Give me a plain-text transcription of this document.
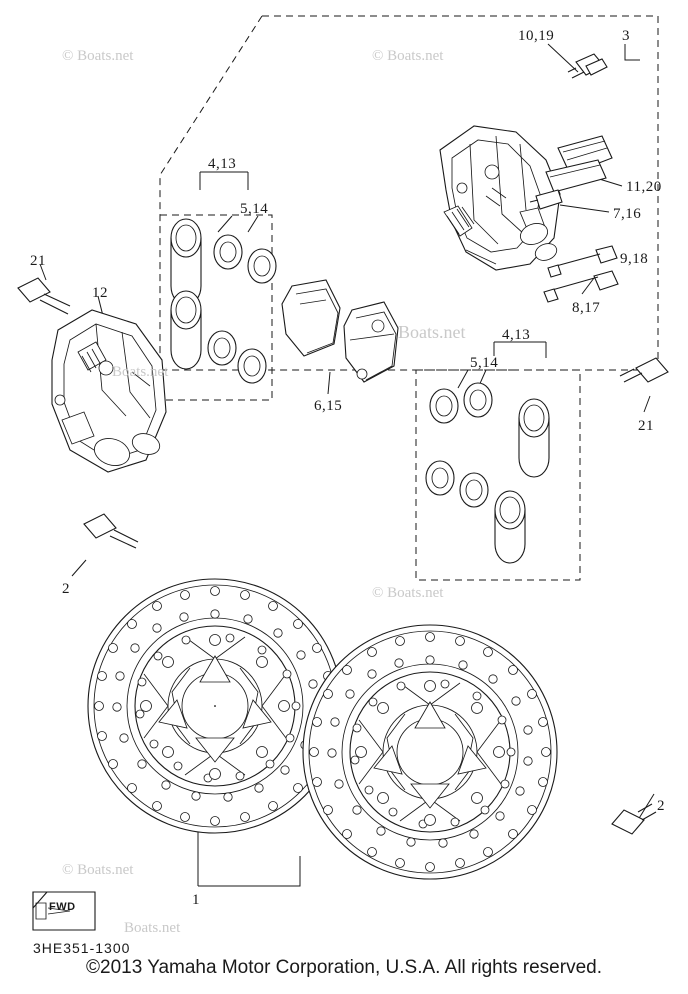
© Boats.net	© Boats.net
Boats.net
Boats.net
© Boats.net
© Boats.net
Boats.net
10,19	3
4,13
5,14
11,20
7,16
9,18
8,17
21
12
4,13
5,14
6,15
21
2
2
1
FWD
3HE351-1300
©2013 Yamaha Motor Corporation, U.S.A. All rights reserved.
